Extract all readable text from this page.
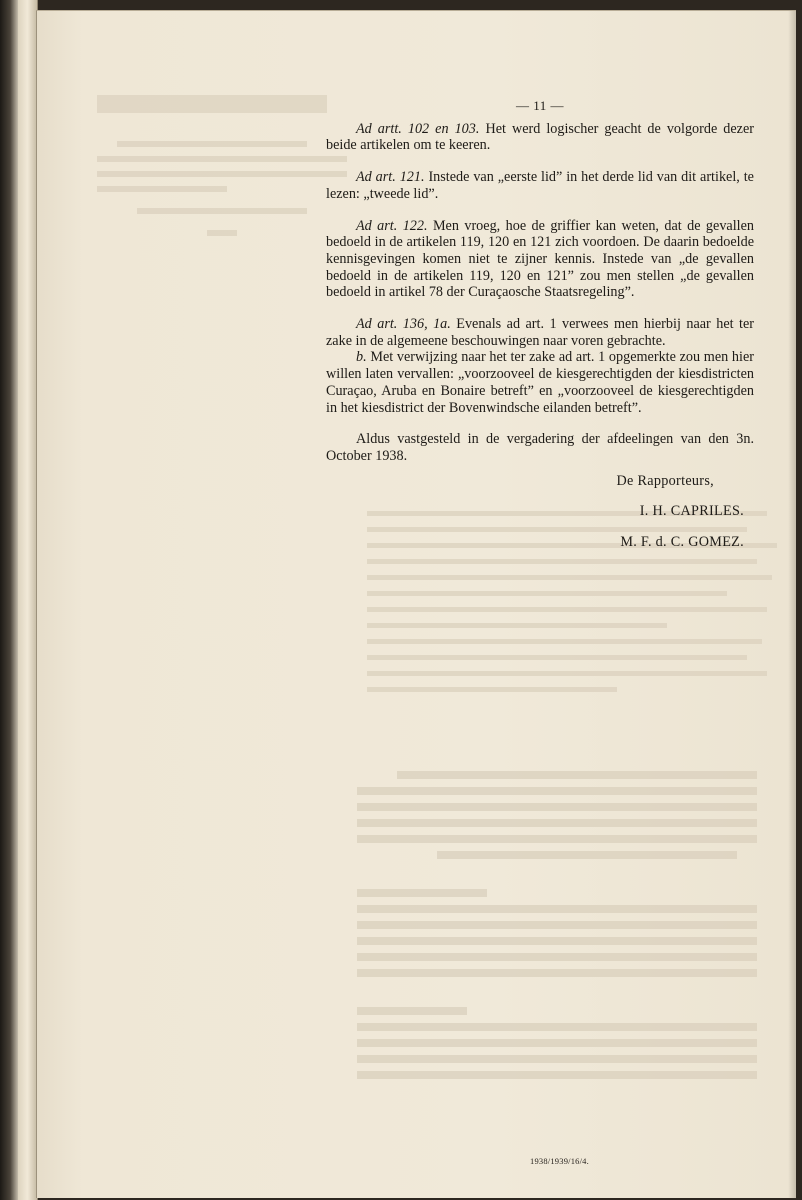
— 11 —

Ad artt. 102 en 103. Het werd logischer geacht de volgorde dezer beide artikelen om te keeren.

Ad art. 121. Instede van „eerste lid” in het derde lid van dit artikel, te lezen: „tweede lid”.

Ad art. 122. Men vroeg, hoe de griffier kan weten, dat de gevallen bedoeld in de artikelen 119, 120 en 121 zich voordoen. De daarin bedoelde kennisgevingen komen niet te zijner kennis. Instede van „de gevallen bedoeld in de artikelen 119, 120 en 121” zou men stellen „de gevallen bedoeld in artikel 78 der Curaçaosche Staatsregeling”.

Ad art. 136, 1a. Evenals ad art. 1 verwees men hierbij naar het ter zake in de algemeene beschouwingen naar voren gebrachte.

b. Met verwijzing naar het ter zake ad art. 1 opgemerkte zou men hier willen laten vervallen: „voorzooveel de kiesgerechtigden der kiesdistricten Curaçao, Aruba en Bonaire betreft” en „voorzooveel de kiesgerechtigden in het kiesdistrict der Bovenwindsche eilanden betreft”.

Aldus vastgesteld in de vergadering der afdeelingen van den 3n. October 1938.

De Rapporteurs,
I. H. CAPRILES.
M. F. d. C. GOMEZ.
1938/1939/16/4.
